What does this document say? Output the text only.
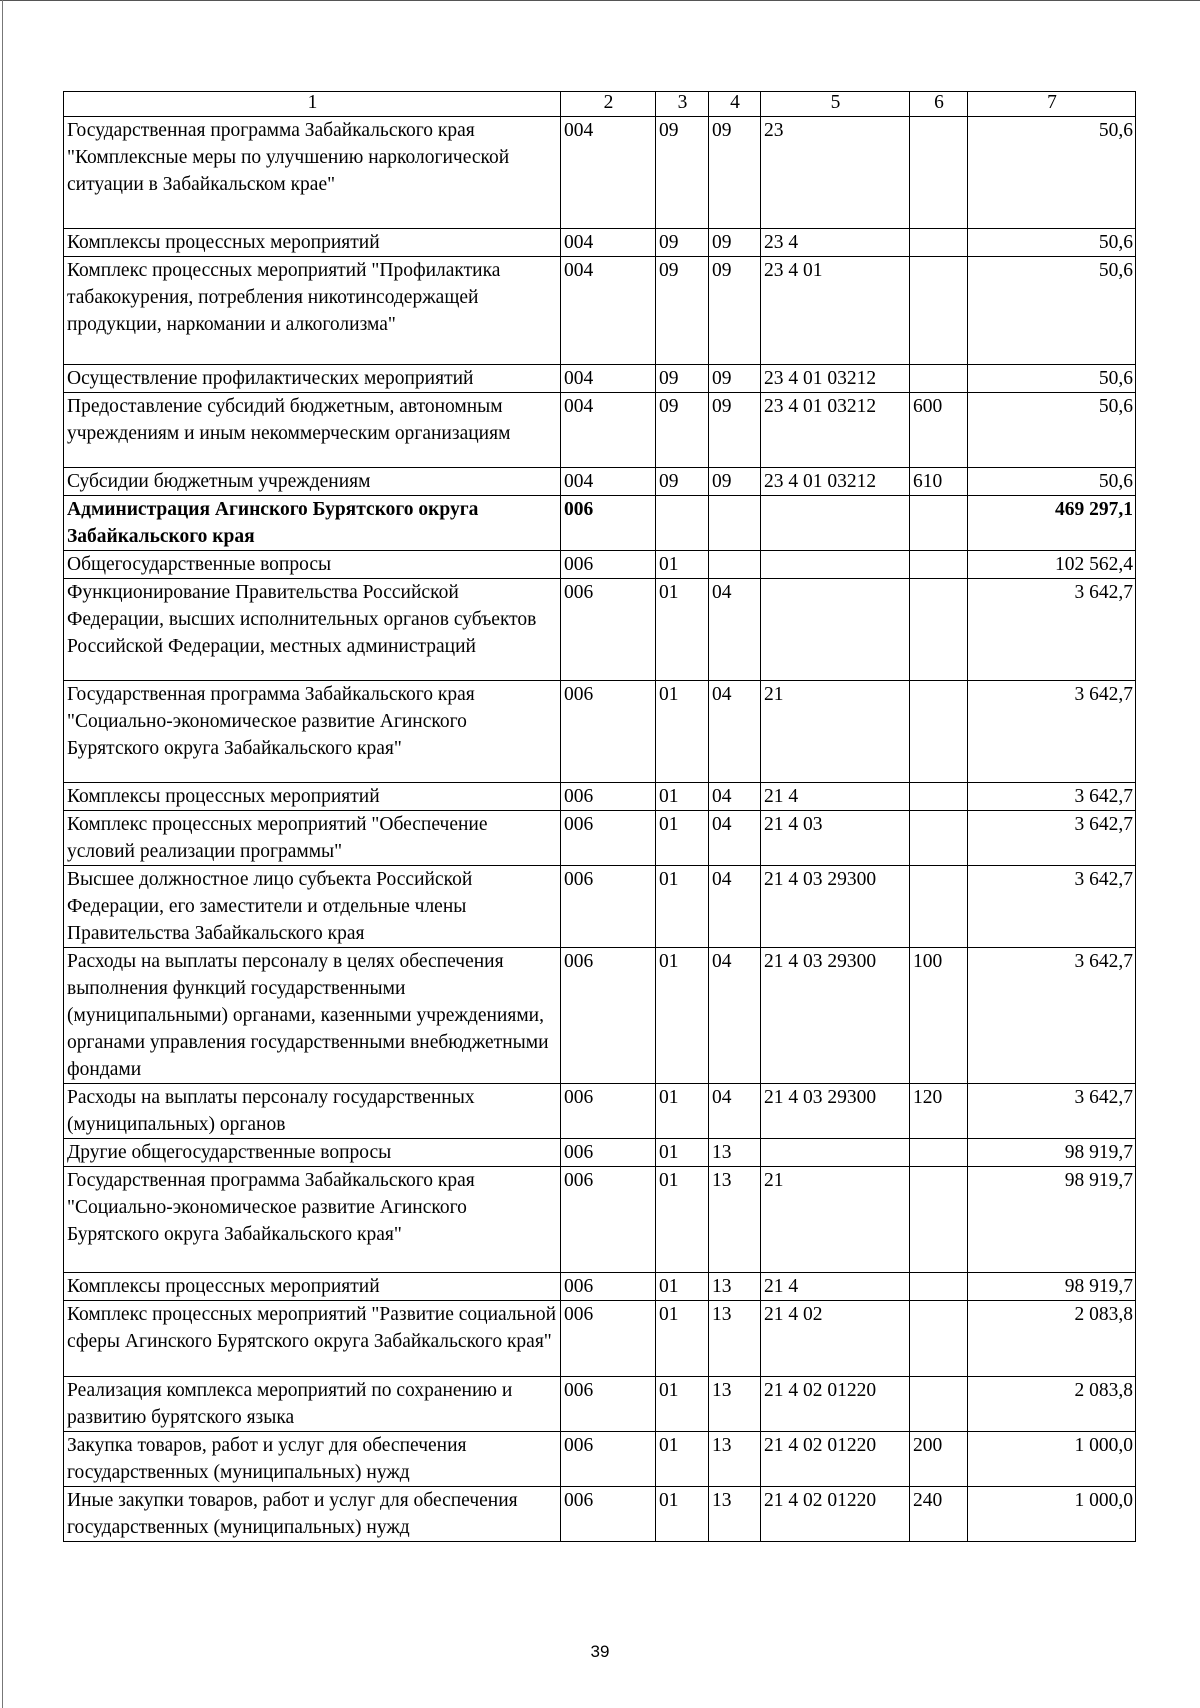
1	2	3	4	5	6	7
Государственная программа Забайкальского края "Комплексные меры по улучшению наркологической ситуации в Забайкальском крае"	004	09	09	23		50,6
Комплексы процессных мероприятий	004	09	09	23 4		50,6
Комплекс процессных мероприятий "Профилактика табакокурения, потребления никотинсодержащей продукции, наркомании и алкоголизма"	004	09	09	23 4 01		50,6
Осуществление профилактических мероприятий	004	09	09	23 4 01 03212		50,6
Предоставление субсидий бюджетным, автономным учреждениям и иным некоммерческим организациям	004	09	09	23 4 01 03212	600	50,6
Субсидии бюджетным учреждениям	004	09	09	23 4 01 03212	610	50,6
Администрация Агинского Бурятского округа Забайкальского края	006					469 297,1
Общегосударственные вопросы	006	01				102 562,4
Функционирование Правительства Российской Федерации, высших исполнительных органов субъектов Российской Федерации, местных администраций	006	01	04			3 642,7
Государственная программа Забайкальского края "Социально-экономическое развитие Агинского Бурятского округа Забайкальского края"	006	01	04	21		3 642,7
Комплексы процессных мероприятий	006	01	04	21 4		3 642,7
Комплекс процессных мероприятий "Обеспечение условий реализации программы"	006	01	04	21 4 03		3 642,7
Высшее должностное лицо субъекта Российской Федерации, его заместители и отдельные члены Правительства Забайкальского края	006	01	04	21 4 03 29300		3 642,7
Расходы на выплаты персоналу в целях обеспечения выполнения функций государственными (муниципальными) органами, казенными учреждениями, органами управления государственными внебюджетными фондами	006	01	04	21 4 03 29300	100	3 642,7
Расходы на выплаты персоналу государственных (муниципальных) органов	006	01	04	21 4 03 29300	120	3 642,7
Другие общегосударственные вопросы	006	01	13			98 919,7
Государственная программа Забайкальского края "Социально-экономическое развитие Агинского Бурятского округа Забайкальского края"	006	01	13	21		98 919,7
Комплексы процессных мероприятий	006	01	13	21 4		98 919,7
Комплекс процессных мероприятий "Развитие социальной сферы Агинского Бурятского округа Забайкальского края"	006	01	13	21 4 02		2 083,8
Реализация комплекса мероприятий по сохранению и развитию бурятского языка	006	01	13	21 4 02 01220		2 083,8
Закупка товаров, работ и услуг для обеспечения государственных (муниципальных) нужд	006	01	13	21 4 02 01220	200	1 000,0
Иные закупки товаров, работ и услуг для обеспечения государственных (муниципальных) нужд	006	01	13	21 4 02 01220	240	1 000,0
39
